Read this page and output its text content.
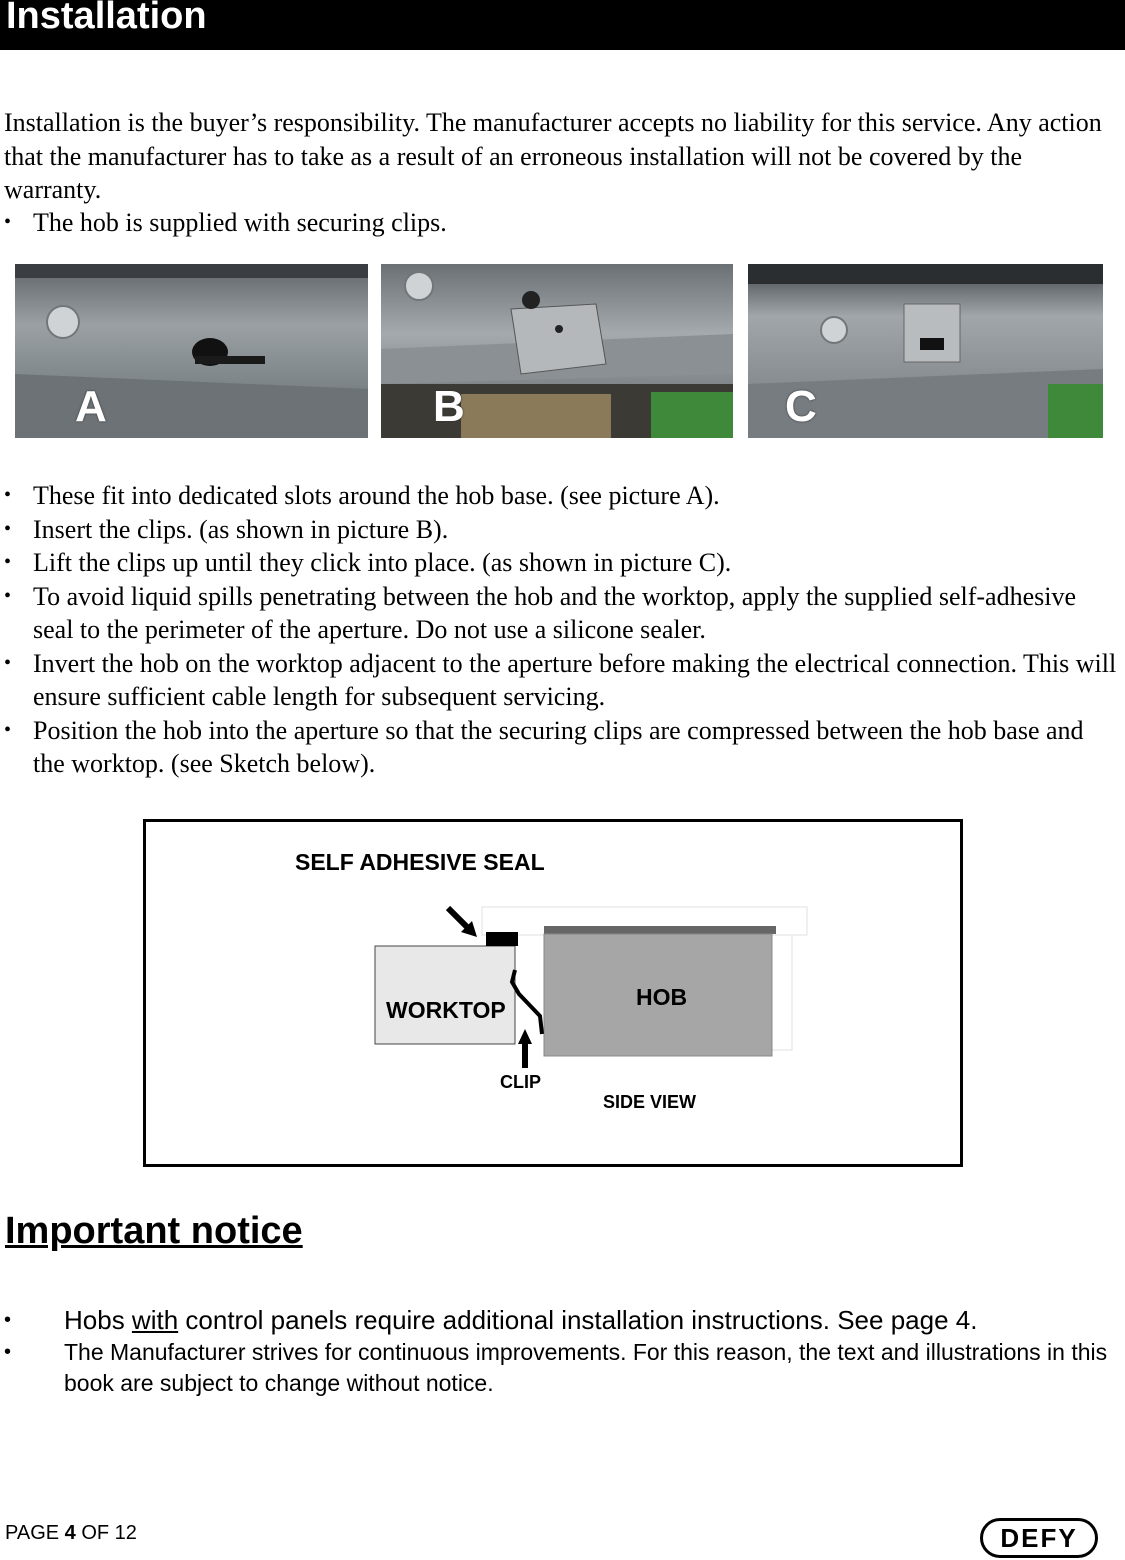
Installation

Installation is the buyer’s responsibility. The manufacturer accepts no liability for this service. Any action that the manufacturer has to take as a result of an erroneous installation will not be covered by the warranty.

• The hob is supplied with securing clips.
A	B	C
• These fit into dedicated slots around the hob base. (see picture A).
• Insert the clips. (as shown in picture B).
• Lift the clips up until they click into place. (as shown in picture C).
• To avoid liquid spills penetrating between the hob and the worktop, apply the supplied self-adhesive seal to the perimeter of the aperture. Do not use a silicone sealer.
• Invert the hob on the worktop adjacent to the aperture before making the electrical connection. This will ensure sufficient cable length for subsequent servicing.
• Position the hob into the aperture so that the securing clips are compressed between the hob base and the worktop. (see Sketch below).
SELF ADHESIVE SEAL
WORKTOP	HOB
CLIP
SIDE VIEW
Important notice
• Hobs with control panels require additional installation instructions. See page 4.
• The Manufacturer strives for continuous improvements. For this reason, the text and illustrations in this book are subject to change without notice.
PAGE 4 OF 12	DEFY
